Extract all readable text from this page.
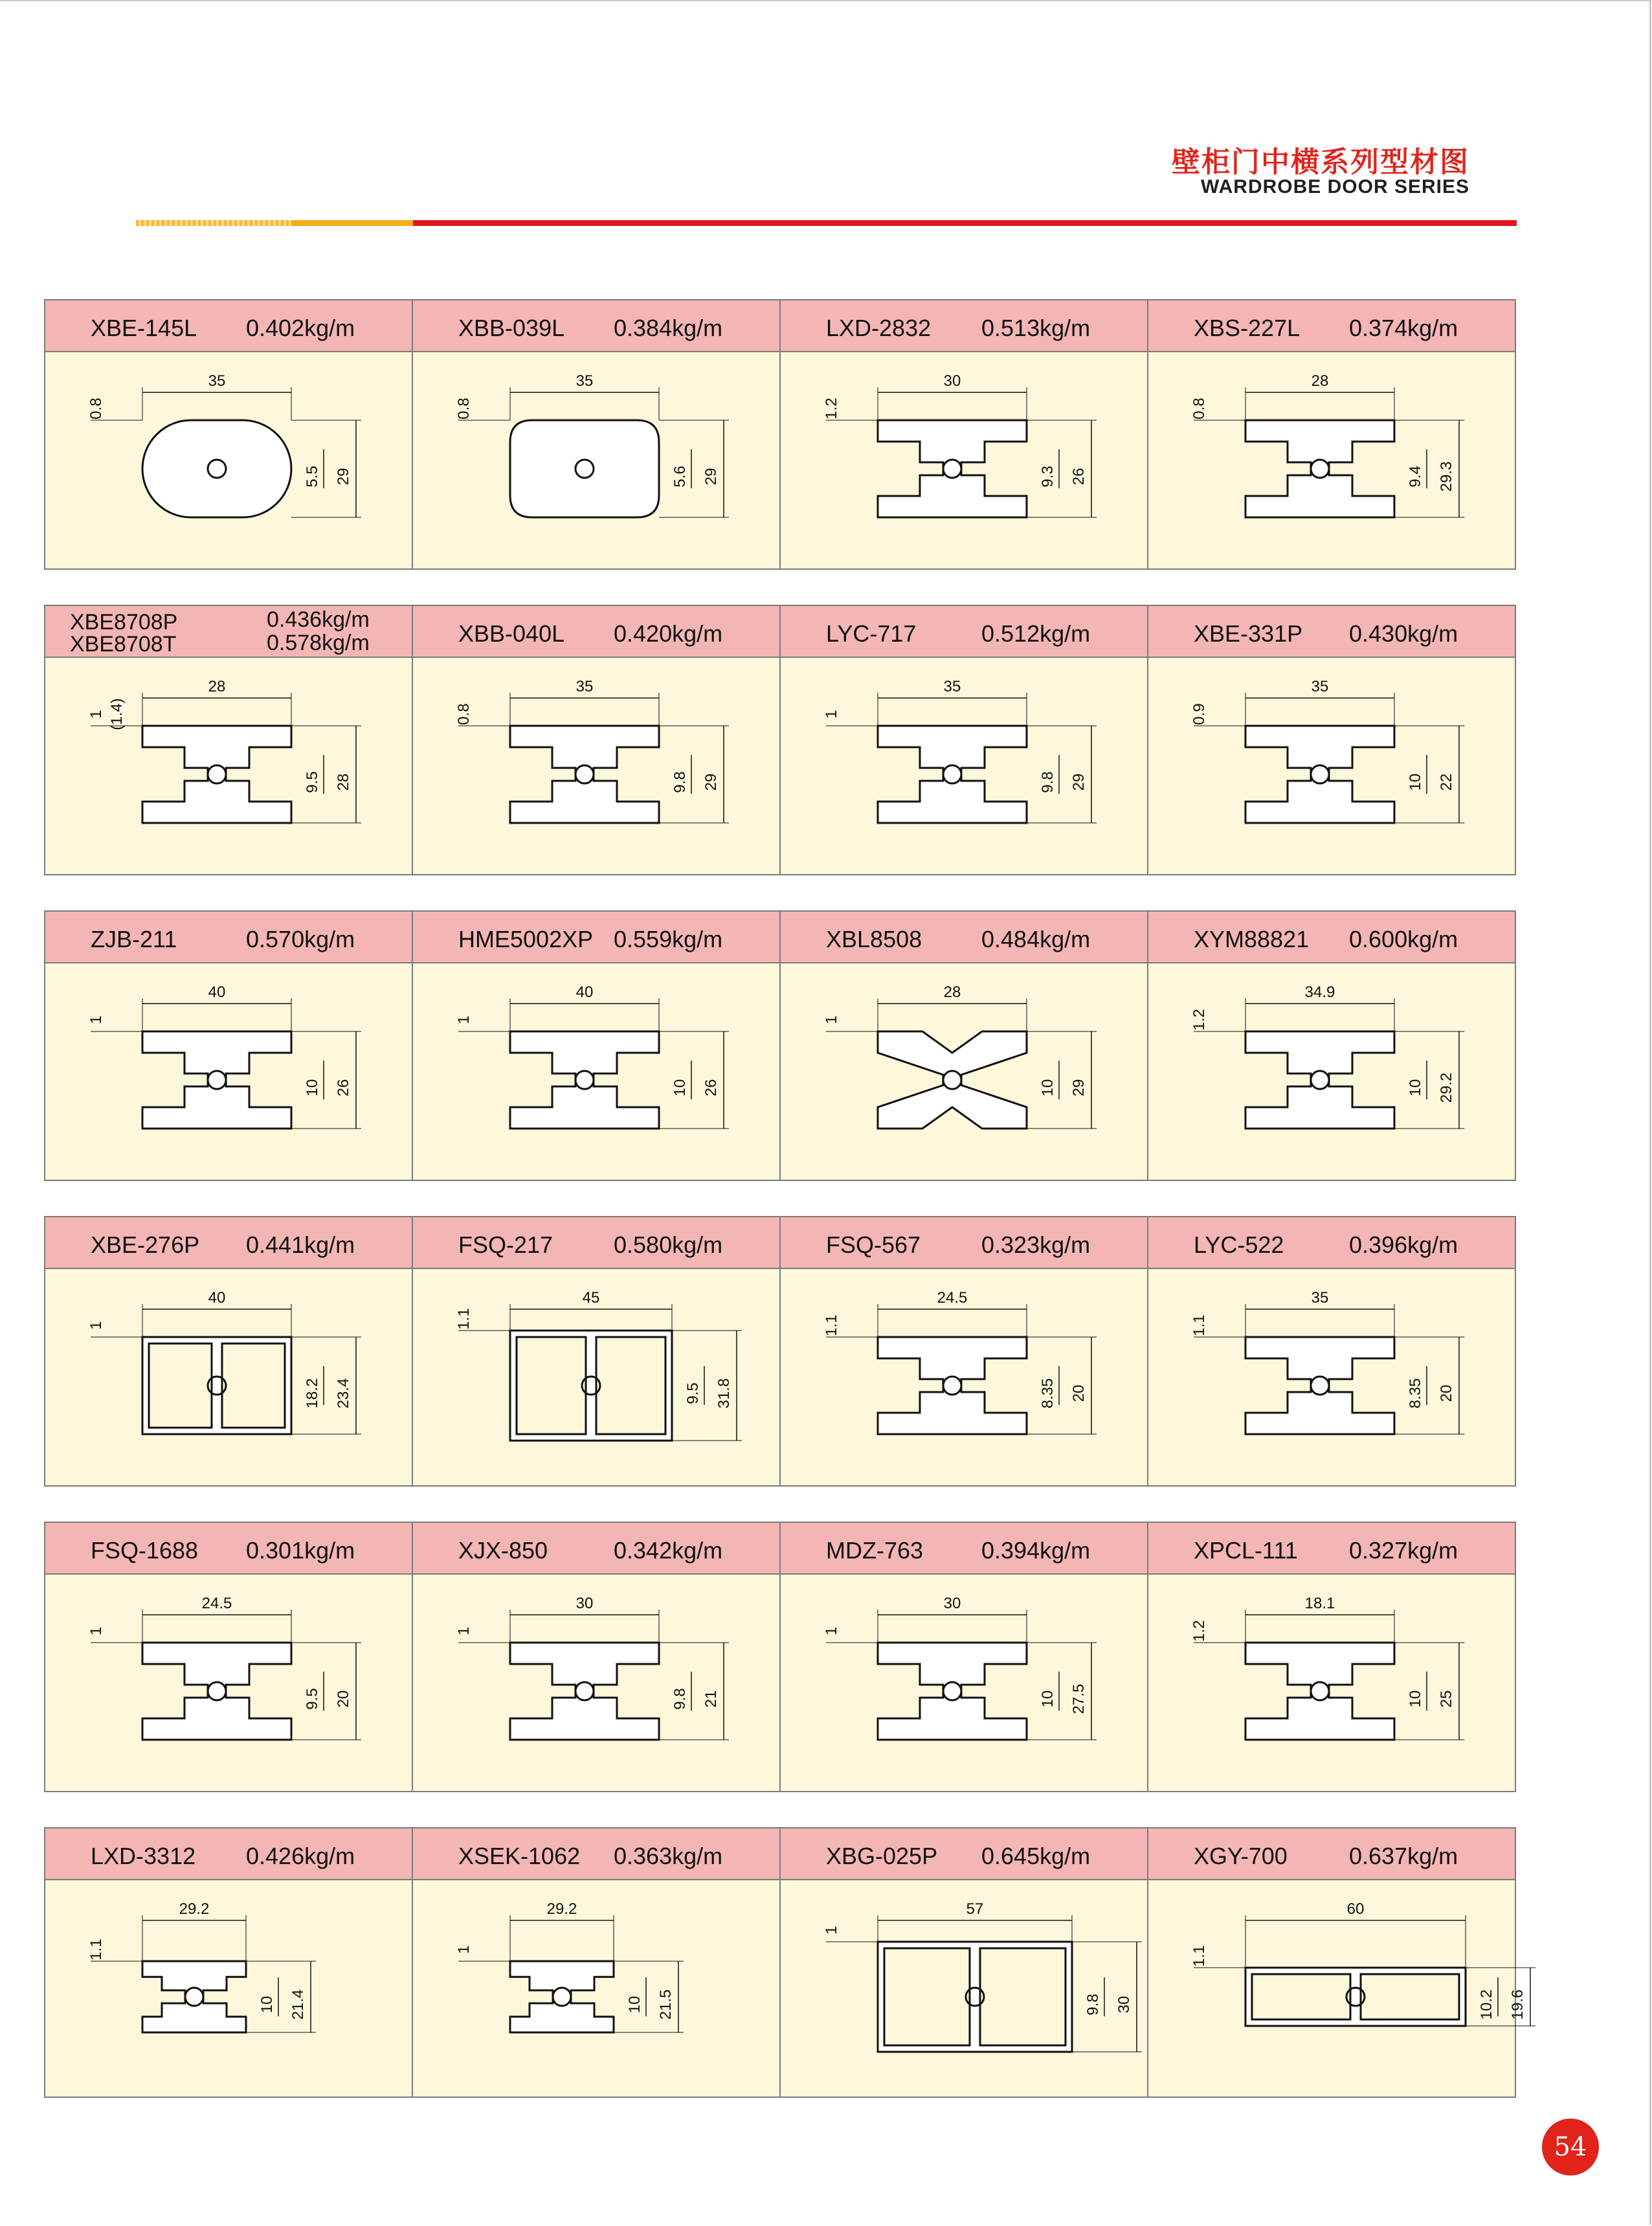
壁柜门中横系列型材图
WARDROBE DOOR SERIES
XBE-145L 0.402kg/m
35
0.8
5.5 29
XBB-039L 0.384kg/m
35
0.8
5.6 29
LXD-2832 0.513kg/m
30
1.2
9.3 26
XBS-227L 0.374kg/m
28
0.8
9.4 29.3
XBE8708P	0.436kg/m
XBE8708T	0.578kg/m
28
1 (1.4)
9.5 28
XBB-040L 0.420kg/m
35
0.8
9.8 29
LYC-717	0.512kg/m
35
1
9.8 29
XBE-331P 0.430kg/m
35
0.9
10 22
ZJB-211	0.570kg/m
40
1
10 26
HME5002XP 0.559kg/m
40
1
10 26
XBL8508	0.484kg/m
28
1
10 29
XYM88821 0.600kg/m
34.9
1.2
10 29.2
XBE-276P 0.441kg/m
40
1
18.2 23.4
FSQ-217	0.580kg/m
45
1.1
9.5 31.8
FSQ-567	0.323kg/m
24.5
1.1
8.35 20
LYC-522	0.396kg/m
35
1.1
8.35 20
FSQ-1688 0.301kg/m
24.5
1
9.5 20
XJX-850	0.342kg/m
30
1
9.8 21
MDZ-763 0.394kg/m
30
1
10 27.5
XPCL-111 0.327kg/m
18.1
1.2
10 25
LXD-3312 0.426kg/m
29.2
1.1
10 21.4
XSEK-1062 0.363kg/m
29.2
1
10 21.5
XBG-025P 0.645kg/m
57
1
9.8 30
XGY-700	0.637kg/m
60
1.1
10.2 19.6
54
